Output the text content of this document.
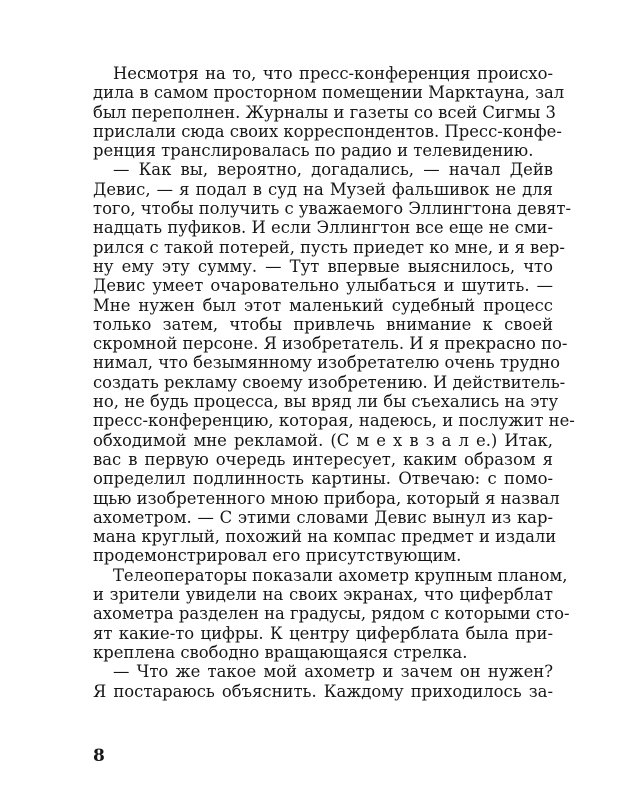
Несмотря на то, что пресс-конференция происхо-
дила в самом просторном помещении Марктауна, зал
был переполнен. Журналы и газеты со всей Сигмы 3
прислали сюда своих корреспондентов. Пресс-конфе-
ренция транслировалась по радио и телевидению.
— Как вы, вероятно, догадались, — начал Дейв
Девис, — я подал в суд на Музей фальшивок не для
того, чтобы получить с уважаемого Эллингтона девят-
надцать пуфиков. И если Эллингтон все еще не сми-
рился с такой потерей, пусть приедет ко мне, и я вер-
ну ему эту сумму. — Тут впервые выяснилось, что
Девис умеет очаровательно улыбаться и шутить. —
Мне нужен был этот маленький судебный процесс
только затем, чтобы привлечь внимание к своей
скромной персоне. Я изобретатель. И я прекрасно по-
нимал, что безымянному изобретателю очень трудно
создать рекламу своему изобретению. И действитель-
но, не будь процесса, вы вряд ли бы съехались на эту
пресс-конференцию, которая, надеюсь, и послужит не-
обходимой мне рекламой. (С м е х в з а л е.) Итак,
вас в первую очередь интересует, каким образом я
определил подлинность картины. Отвечаю: с помо-
щью изобретенного мною прибора, который я назвал
ахометром. — С этими словами Девис вынул из кар-
мана круглый, похожий на компас предмет и издали
продемонстрировал его присутствующим.
Телеоператоры показали ахометр крупным планом,
и зрители увидели на своих экранах, что циферблат
ахометра разделен на градусы, рядом с которыми сто-
ят какие-то цифры. К центру циферблата была при-
креплена свободно вращающаяся стрелка.
— Что же такое мой ахометр и зачем он нужен?
Я постараюсь объяснить. Каждому приходилось за-
8
